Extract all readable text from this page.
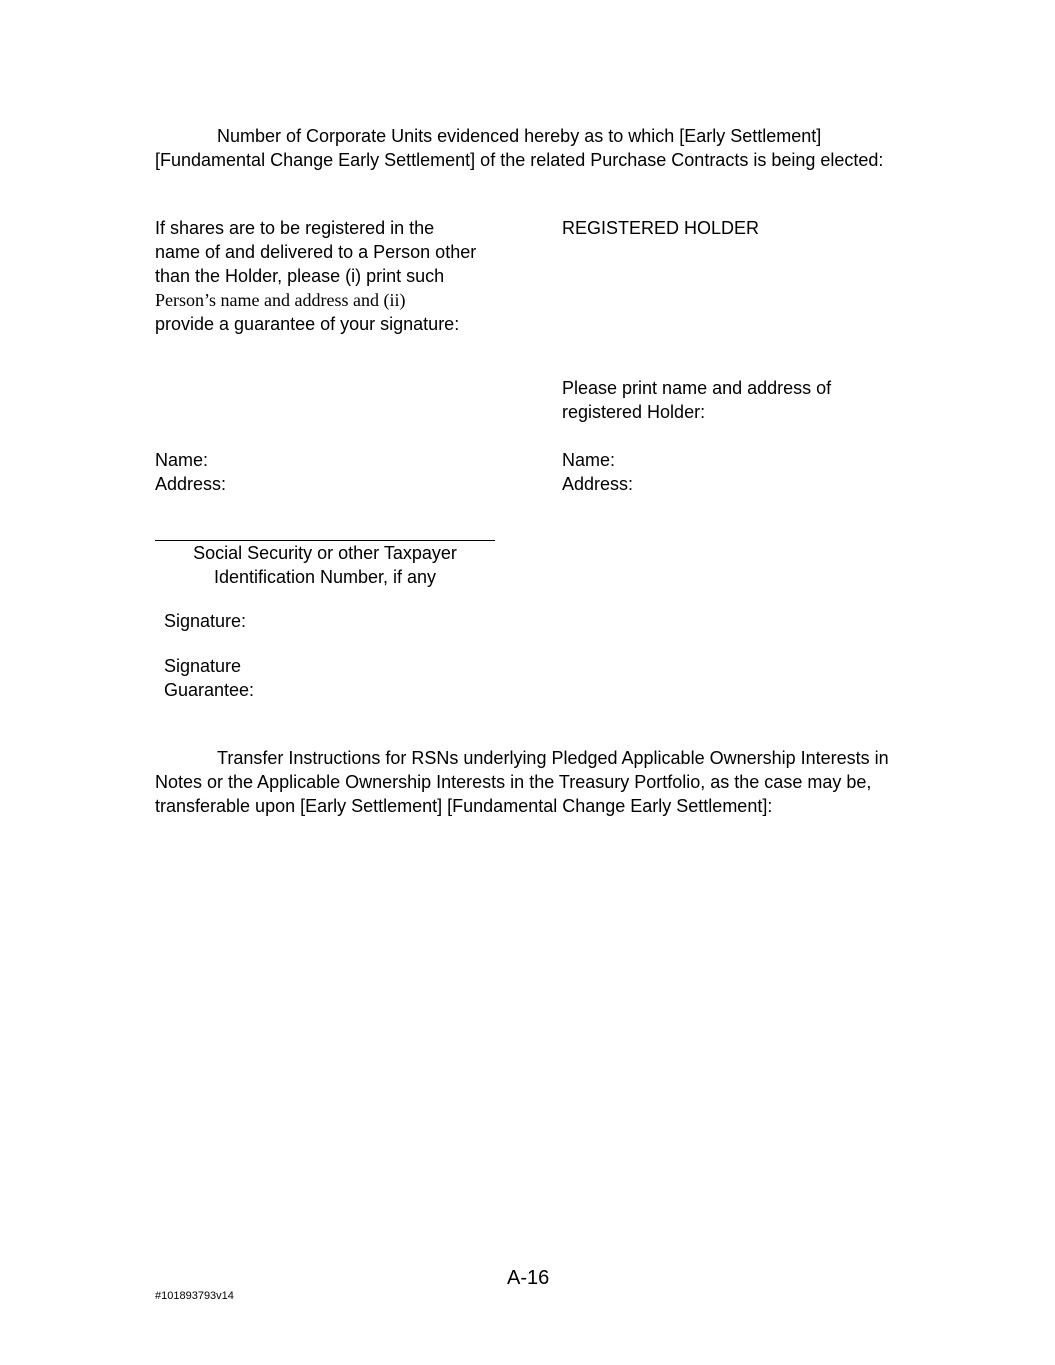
Number of Corporate Units evidenced hereby as to which [Early Settlement] [Fundamental Change Early Settlement] of the related Purchase Contracts is being elected:
If shares are to be registered in the
name of and delivered to a Person other
than the Holder, please (i) print such
Person’s name and address and (ii)
provide a guarantee of your signature:
REGISTERED HOLDER
Please print name and address of
registered Holder:
Name:
Address:
Name:
Address:
Social Security or other Taxpayer
Identification Number, if any
Signature:
Signature
Guarantee:
Transfer Instructions for RSNs underlying Pledged Applicable Ownership Interests in Notes or the Applicable Ownership Interests in the Treasury Portfolio, as the case may be, transferable upon [Early Settlement] [Fundamental Change Early Settlement]:
A-16
#101893793v14
